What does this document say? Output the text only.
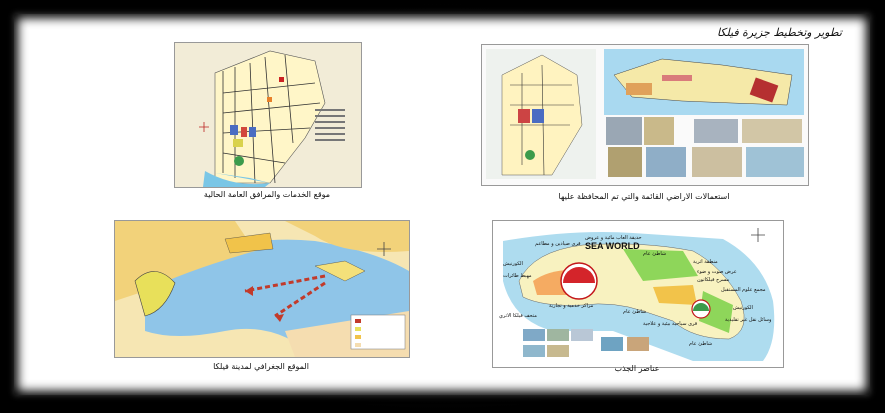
تطوير وتخطيط جزيرة فيلكا
موقع الخدمات والمرافق العامة الحالية	استعمالات الاراضي القائمة والتي تم المحافظة عليها
الموقع الجغرافي لمدينة فيلكا
SEA WORLD
حديقة العاب مائية و عروض
قرى صيادين و مطاعم
الكورنيش
مهبط طائرات
شاطئ عام
منطقة اثرية
عرض صوت و ضوء
مسرح فيلكاتون
مجمع علوم المستقبل
مراكز خدمية و تجارية
متحف فيلكا الاثري
شاطئ عام
قرى سياحية بيئية و علاجية
الكورنيش
وسائل نقل غير تقليدية
شاطئ عام
عناصر الجذب
